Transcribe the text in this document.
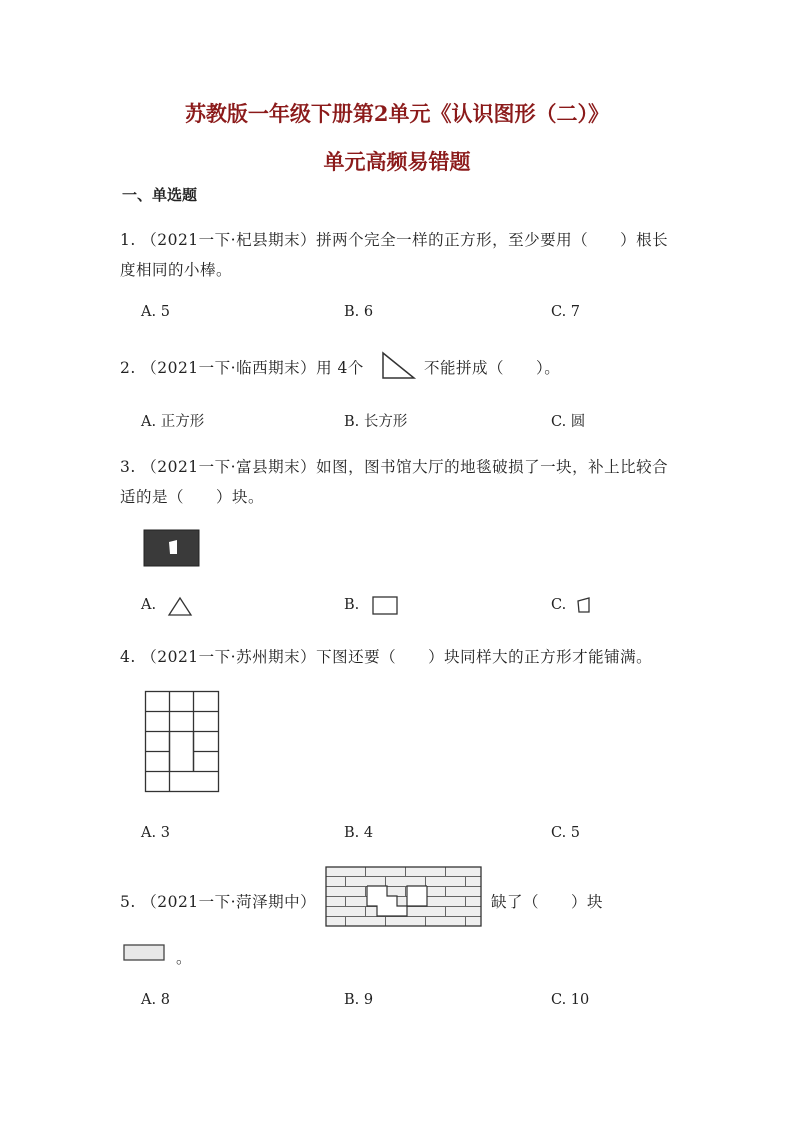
苏教版一年级下册第2单元《认识图形（二）》
单元高频易错题
一、单选题
1. （2021一下·杞县期末）拼两个完全一样的正方形，至少要用（　　）根长
度相同的小棒。
A. 5	B. 6	C. 7
2. （2021一下·临西期末）用 4个	不能拼成（　　）。
A. 正方形	B. 长方形	C. 圆
3. （2021一下·富县期末）如图，图书馆大厅的地毯破损了一块，补上比较合
适的是（　　）块。
A.	B.	C.
4. （2021一下·苏州期末）下图还要（　　）块同样大的正方形才能铺满。
A. 3	B. 4	C. 5
5. （2021一下·菏泽期中）	缺了（　　）块
。
A. 8	B. 9	C. 10
